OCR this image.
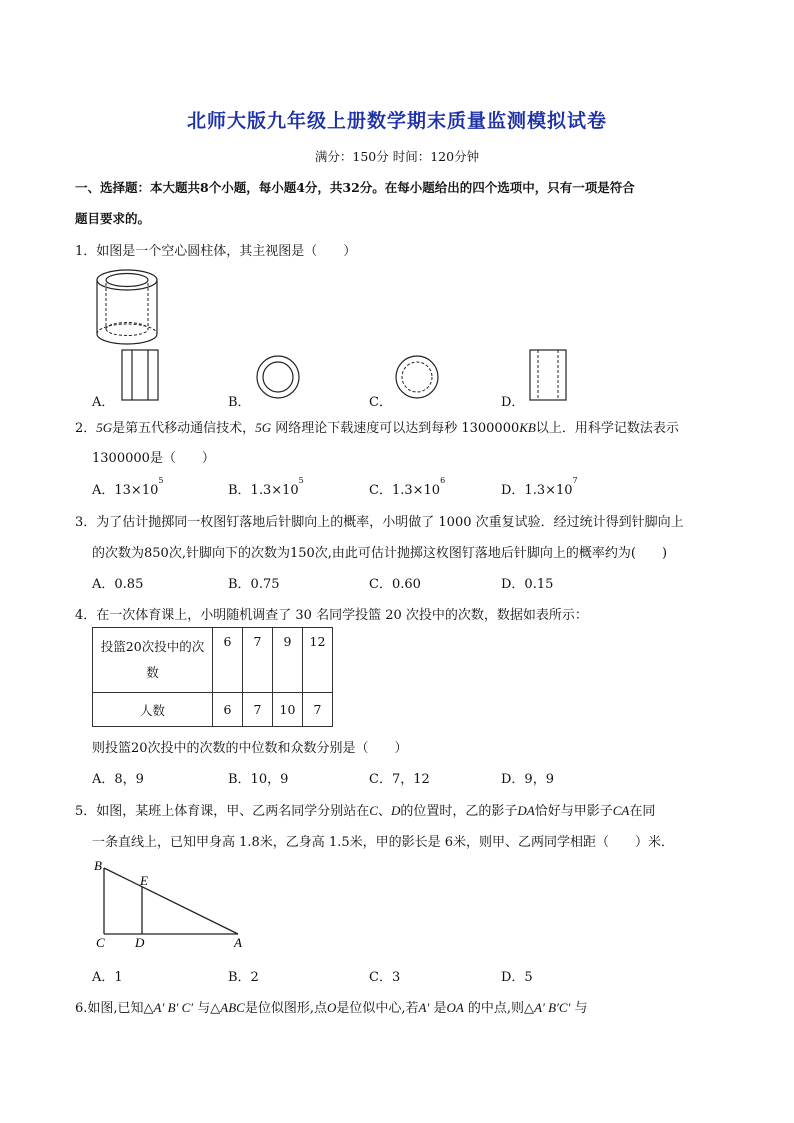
北师大版九年级上册数学期末质量监测模拟试卷
满分：150分 时间：120分钟
一、选择题：本大题共8个小题，每小题4分，共32分。在每小题给出的四个选项中，只有一项是符合
题目要求的。
1．如图是一个空心圆柱体，其主视图是（　　）
A．	B．	C．	D．
2．5G是第五代移动通信技术，5G 网络理论下载速度可以达到每秒 1300000KB以上．用科学记数法表示
1300000是（　　）
A．$13\times 10^5$
B．$1.3\times 10^5$
C．$1.3\times 10^6$
D．$1.3\times 10^7$
3．为了估计抛掷同一枚图钉落地后针脚向上的概率，小明做了 1000 次重复试验．经过统计得到针脚向上
的次数为850次,针脚向下的次数为150次,由此可估计抛掷这枚图钉落地后针脚向上的概率约为(　　)
A．0.85	B．0.75	C．0.60	D．0.15
4．在一次体育课上，小明随机调查了 30 名同学投篮 20 次投中的次数，数据如表所示：
投篮20次投中的次
数	6	7	9	12
人数	6	7	10	7
则投篮20次投中的次数的中位数和众数分别是（　　）
A．8，9	B．10，9	C．7，12	D．9，9
5．如图，某班上体育课，甲、乙两名同学分别站在C、D的位置时，乙的影子DA恰好与甲影子CA在同
一条直线上，已知甲身高 1.8米，乙身高 1.5米，甲的影长是 6米，则甲、乙两同学相距（　　）米．
B
E
C D	A
A．1	B．2	C．3	D．5
6.如图,已知△A′ B′ C′ 与△ABC是位似图形,点O是位似中心,若A′ 是OA 的中点,则△A′ B′C′ 与
